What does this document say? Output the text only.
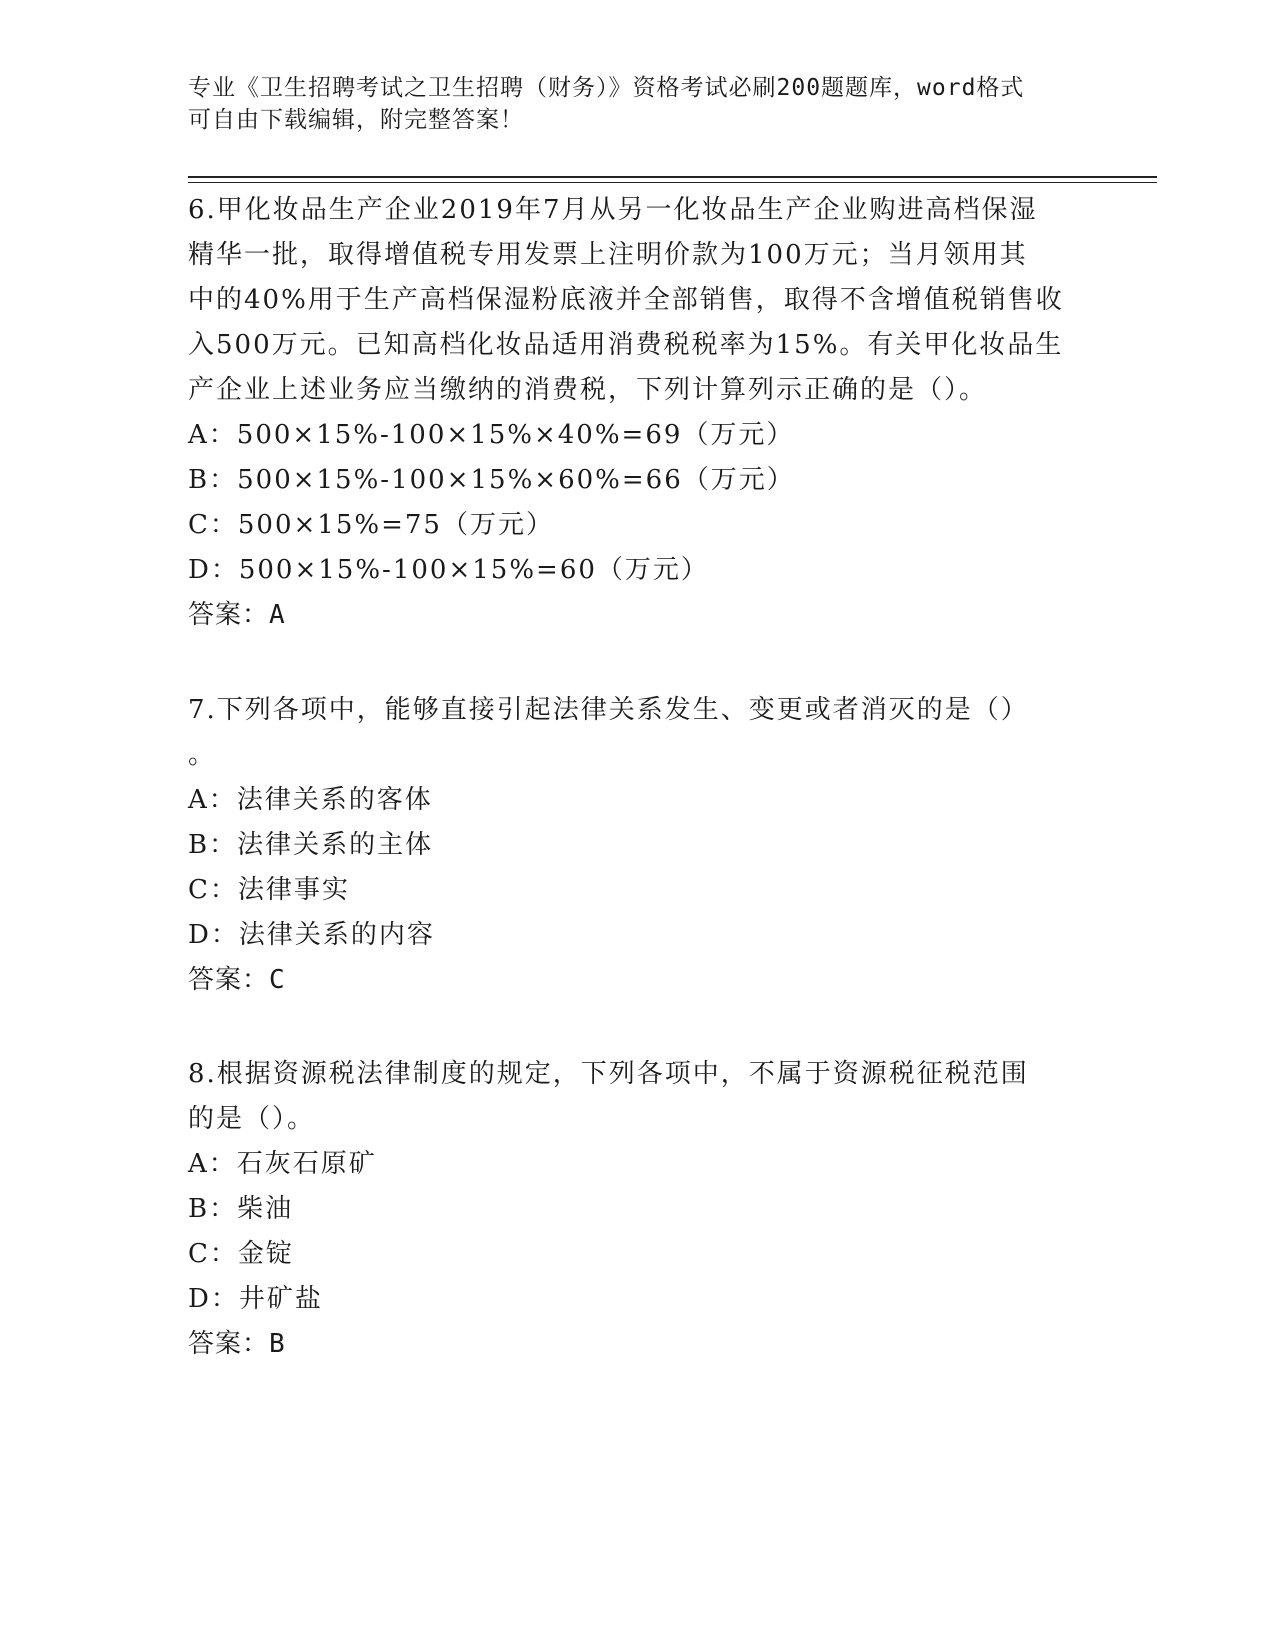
专业《卫生招聘考试之卫生招聘（财务）》资格考试必刷200题题库，word格式
可自由下载编辑，附完整答案！
6.甲化妆品生产企业2019年7月从另一化妆品生产企业购进高档保湿
精华一批，取得增值税专用发票上注明价款为100万元；当月领用其
中的40%用于生产高档保湿粉底液并全部销售，取得不含增值税销售收
入500万元。已知高档化妆品适用消费税税率为15%。有关甲化妆品生
产企业上述业务应当缴纳的消费税，下列计算列示正确的是（）。
A：500×15%-100×15%×40%=69（万元）
B：500×15%-100×15%×60%=66（万元）
C：500×15%=75（万元）
D：500×15%-100×15%=60（万元）
答案：A
7.下列各项中，能够直接引起法律关系发生、变更或者消灭的是（）
。
A：法律关系的客体
B：法律关系的主体
C：法律事实
D：法律关系的内容
答案：C
8.根据资源税法律制度的规定，下列各项中，不属于资源税征税范围
的是（）。
A：石灰石原矿
B：柴油
C：金锭
D：井矿盐
答案：B
